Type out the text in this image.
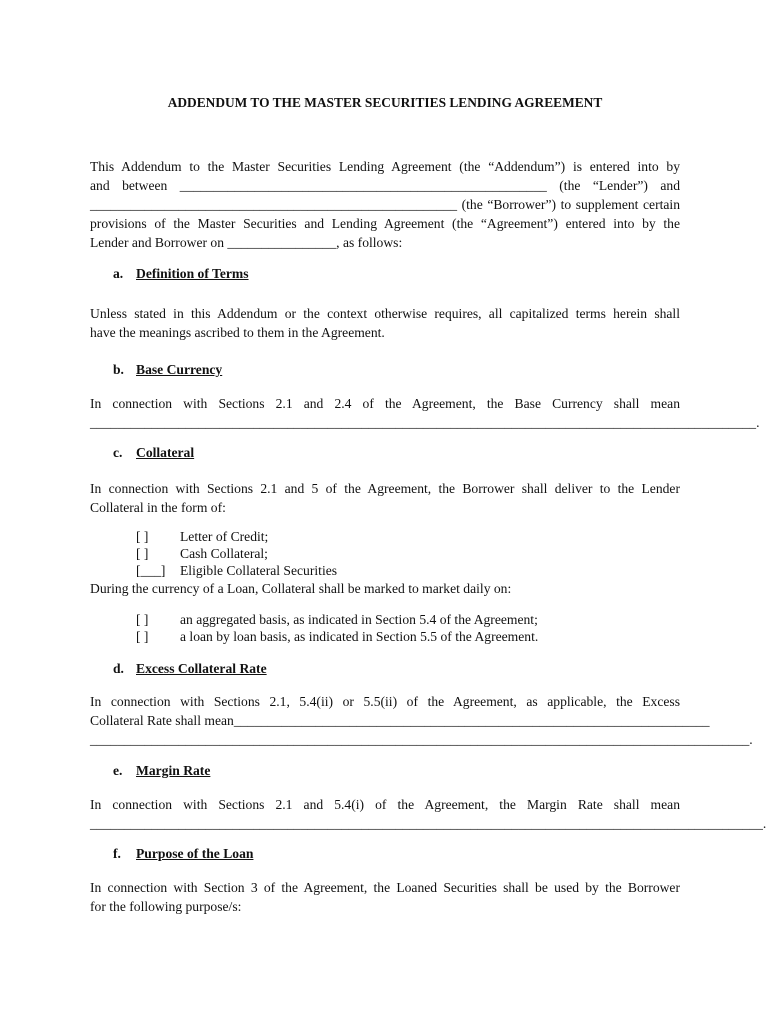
ADDENDUM TO THE MASTER SECURITIES LENDING AGREEMENT
This Addendum to the Master Securities Lending Agreement (the “Addendum”) is entered into by
and between ______________________________________________________ (the “Lender”) and
______________________________________________________ (the “Borrower”) to supplement certain
provisions of the Master Securities and Lending Agreement (the “Agreement”) entered into by the
Lender and Borrower on ________________, as follows:
a. Definition of Terms
Unless stated in this Addendum or the context otherwise requires, all capitalized terms herein shall
have the meanings ascribed to them in the Agreement.
b. Base Currency
In connection with Sections 2.1 and 2.4 of the Agreement, the Base Currency shall mean
__________________________________________________________________________________________________.
c. Collateral
In connection with Sections 2.1 and 5 of the Agreement, the Borrower shall deliver to the Lender
Collateral in the form of:
[ ] Letter of Credit;
[ ] Cash Collateral;
[___] Eligible Collateral Securities
During the currency of a Loan, Collateral shall be marked to market daily on:
[ ] an aggregated basis, as indicated in Section 5.4 of the Agreement;
[ ] a loan by loan basis, as indicated in Section 5.5 of the Agreement.
d. Excess Collateral Rate
In connection with Sections 2.1, 5.4(ii) or 5.5(ii) of the Agreement, as applicable, the Excess
Collateral Rate shall mean______________________________________________________________________
_________________________________________________________________________________________________.
e. Margin Rate
In connection with Sections 2.1 and 5.4(i) of the Agreement, the Margin Rate shall mean
___________________________________________________________________________________________________.
f. Purpose of the Loan
In connection with Section 3 of the Agreement, the Loaned Securities shall be used by the Borrower
for the following purpose/s:
